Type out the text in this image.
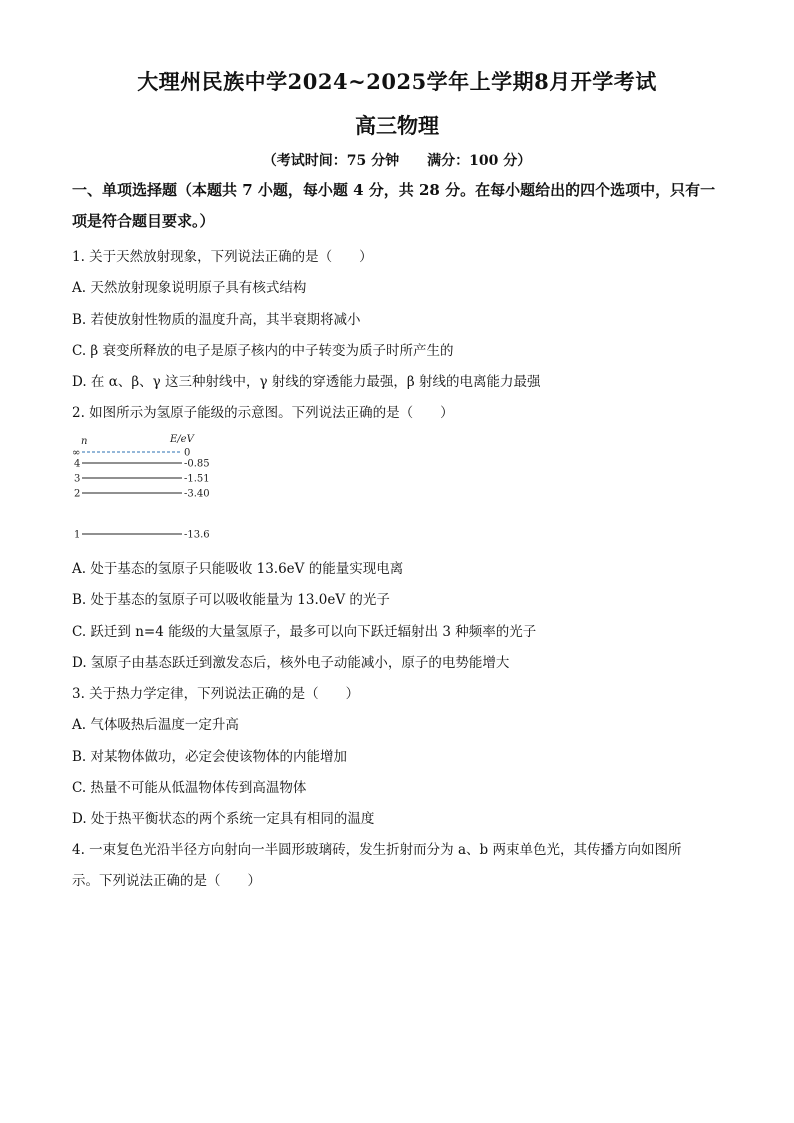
大理州民族中学2024~2025学年上学期8月开学考试
高三物理
（考试时间：75 分钟 满分：100 分）
一、单项选择题（本题共 7 小题，每小题 4 分，共 28 分。在每小题给出的四个选项中，只有一项是符合题目要求。）
1. 关于天然放射现象，下列说法正确的是（　　）
A. 天然放射现象说明原子具有核式结构
B. 若使放射性物质的温度升高，其半衰期将减小
C. β 衰变所释放的电子是原子核内的中子转变为质子时所产生的
D. 在 α、β、γ 这三种射线中，γ 射线的穿透能力最强，β 射线的电离能力最强
2. 如图所示为氢原子能级的示意图。下列说法正确的是（　　）
n	E/eV
∞	0
4	-0.85
3	-1.51
2	-3.40
1	-13.6
A. 处于基态的氢原子只能吸收 13.6eV 的能量实现电离
B. 处于基态的氢原子可以吸收能量为 13.0eV 的光子
C. 跃迁到 n=4 能级的大量氢原子，最多可以向下跃迁辐射出 3 种频率的光子
D. 氢原子由基态跃迁到激发态后，核外电子动能减小，原子的电势能增大
3. 关于热力学定律，下列说法正确的是（　　）
A. 气体吸热后温度一定升高
B. 对某物体做功，必定会使该物体的内能增加
C. 热量不可能从低温物体传到高温物体
D. 处于热平衡状态的两个系统一定具有相同的温度
4. 一束复色光沿半径方向射向一半圆形玻璃砖，发生折射而分为 a、b 两束单色光，其传播方向如图所
示。下列说法正确的是（　　）
